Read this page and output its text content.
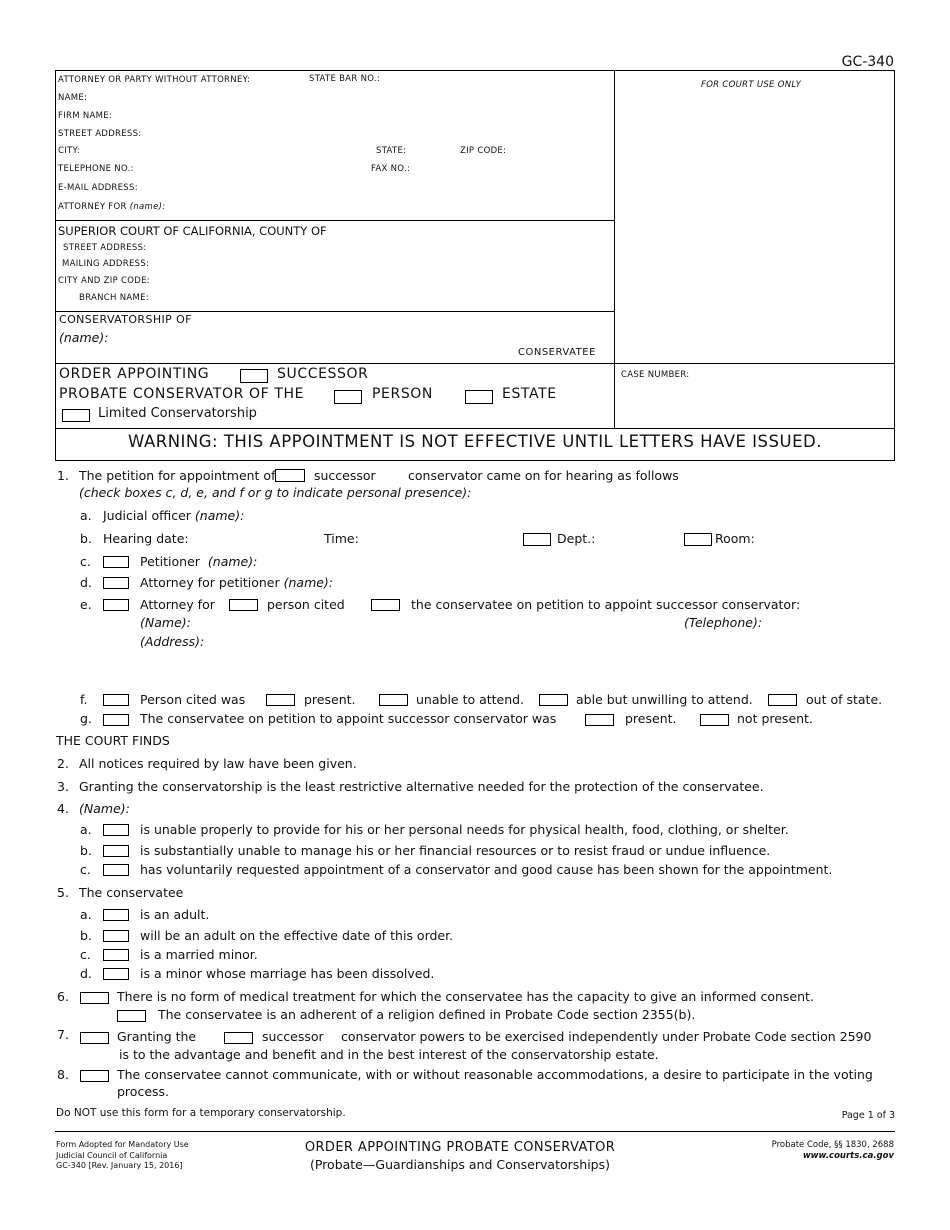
GC-340
ATTORNEY OR PARTY WITHOUT ATTORNEY:	STATE BAR NO.:
NAME:
FIRM NAME:
STREET ADDRESS:
CITY:	STATE:	ZIP CODE:
TELEPHONE NO.:	FAX NO.:
E-MAIL ADDRESS:
ATTORNEY FOR (name):
FOR COURT USE ONLY
SUPERIOR COURT OF CALIFORNIA, COUNTY OF
STREET ADDRESS:
MAILING ADDRESS:
CITY AND ZIP CODE:
BRANCH NAME:
CONSERVATORSHIP OF
(name):
CONSERVATEE
ORDER APPOINTING	SUCCESSOR
PROBATE CONSERVATOR OF THE	PERSON	ESTATE
Limited Conservatorship
CASE NUMBER:
WARNING: THIS APPOINTMENT IS NOT EFFECTIVE UNTIL LETTERS HAVE ISSUED.
1. The petition for appointment of	successor	conservator came on for hearing as follows
(check boxes c, d, e, and f or g to indicate personal presence):
a. Judicial officer (name):
b. Hearing date:	Time:	Dept.:	Room:
c.	Petitioner (name):
d.	Attorney for petitioner (name):
e.	Attorney for	person cited	the conservatee on petition to appoint successor conservator:
(Name):	(Telephone):
(Address):
f.	Person cited was	present.	unable to attend.	able but unwilling to attend.	out of state.
g.	The conservatee on petition to appoint successor conservator was	present.	not present.
THE COURT FINDS
2. All notices required by law have been given.
3. Granting the conservatorship is the least restrictive alternative needed for the protection of the conservatee.
4. (Name):
a.	is unable properly to provide for his or her personal needs for physical health, food, clothing, or shelter.
b.	is substantially unable to manage his or her financial resources or to resist fraud or undue influence.
c.	has voluntarily requested appointment of a conservator and good cause has been shown for the appointment.
5. The conservatee
a.	is an adult.
b.	will be an adult on the effective date of this order.
c.	is a married minor.
d.	is a minor whose marriage has been dissolved.
6.	There is no form of medical treatment for which the conservatee has the capacity to give an informed consent.
The conservatee is an adherent of a religion defined in Probate Code section 2355(b).
7.	Granting the	successor conservator powers to be exercised independently under Probate Code section 2590
is to the advantage and benefit and in the best interest of the conservatorship estate.
8.	The conservatee cannot communicate, with or without reasonable accommodations, a desire to participate in the voting
process.
Do NOT use this form for a temporary conservatorship.	Page 1 of 3
Form Adopted for Mandatory Use
Judicial Council of California
GC-340 [Rev. January 15, 2016]
ORDER APPOINTING PROBATE CONSERVATOR
(Probate—Guardianships and Conservatorships)
Probate Code, §§ 1830, 2688
www.courts.ca.gov
